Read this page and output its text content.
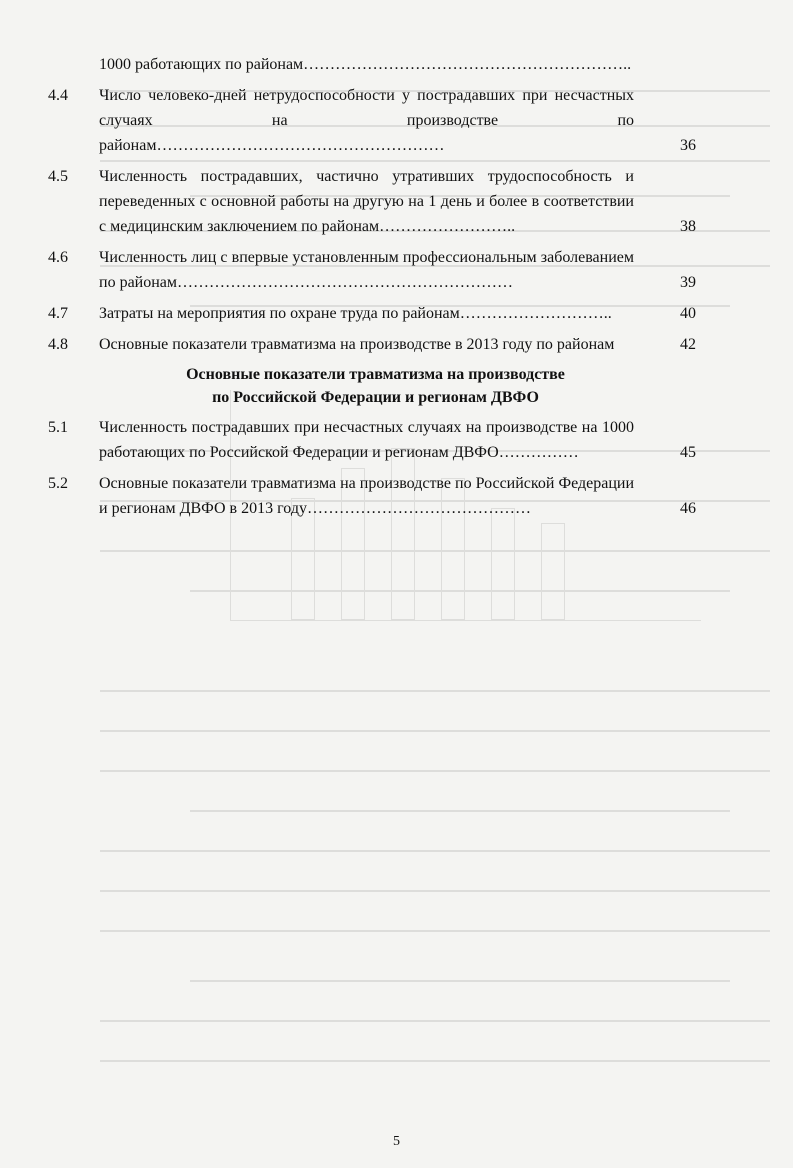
1000 работающих по районам……………………………………………………..
4.4	Число человеко-дней нетрудоспособности у пострадавших при несчастных случаях на производстве по районам………………………………………………	36
4.5	Численность пострадавших, частично утративших трудоспособность и переведенных с основной работы на другую на 1 день и более в соответствии с медицинским заключением по районам……………………..	38
4.6	Численность лиц с впервые установленным профессиональным заболеванием по районам………………………………………………………	39
4.7	Затраты на мероприятия по охране труда по районам………………………..	40
4.8	Основные показатели травматизма на производстве в 2013 году по районам	42
Основные показатели травматизма на производстве
по Российской Федерации и регионам ДВФО
5.1	Численность пострадавших при несчастных случаях на производстве на 1000 работающих по Российской Федерации и регионам ДВФО……………	45
5.2	Основные показатели травматизма на производстве по Российской Федерации и регионам ДВФО в 2013 году……………………………………	46
5
